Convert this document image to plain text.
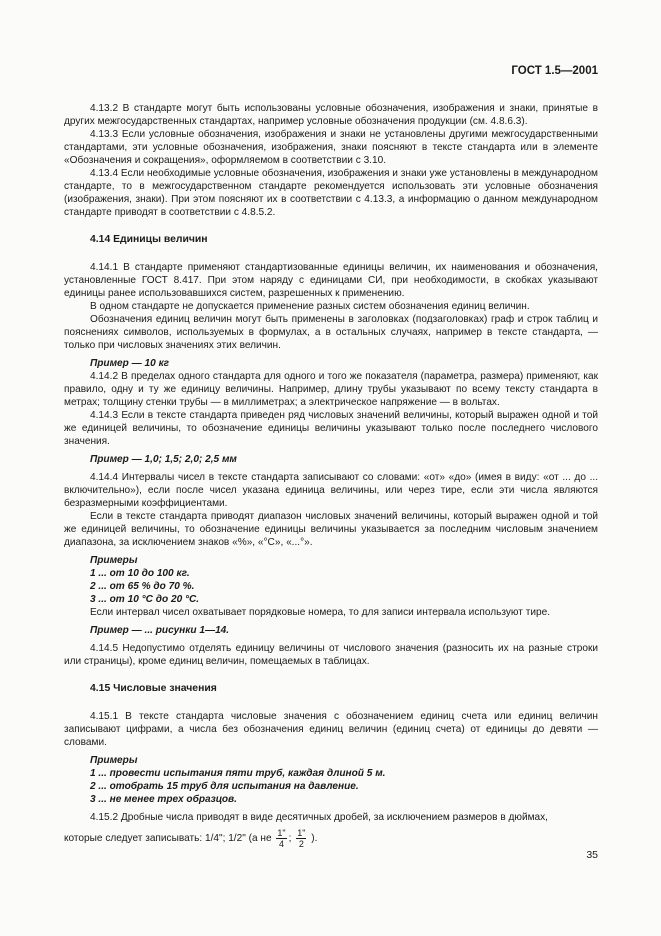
ГОСТ 1.5—2001

4.13.2 В стандарте могут быть использованы условные обозначения, изображения и знаки, принятые в других межгосударственных стандартах, например условные обозначения продукции (см. 4.8.6.3).

4.13.3 Если условные обозначения, изображения и знаки не установлены другими межгосударственными стандартами, эти условные обозначения, изображения, знаки поясняют в тексте стандарта или в элементе «Обозначения и сокращения», оформляемом в соответствии с 3.10.

4.13.4 Если необходимые условные обозначения, изображения и знаки уже установлены в международном стандарте, то в межгосударственном стандарте рекомендуется использовать эти условные обозначения (изображения, знаки). При этом поясняют их в соответствии с 4.13.3, а информацию о данном международном стандарте приводят в соответствии с 4.8.5.2.

4.14 Единицы величин

4.14.1 В стандарте применяют стандартизованные единицы величин, их наименования и обозначения, установленные ГОСТ 8.417. При этом наряду с единицами СИ, при необходимости, в скобках указывают единицы ранее использовавшихся систем, разрешенных к применению.

В одном стандарте не допускается применение разных систем обозначения единиц величин.

Обозначения единиц величин могут быть применены в заголовках (подзаголовках) граф и строк таблиц и пояснениях символов, используемых в формулах, а в остальных случаях, например в тексте стандарта, — только при числовых значениях этих величин.

Пример — 10 кг

4.14.2 В пределах одного стандарта для одного и того же показателя (параметра, размера) применяют, как правило, одну и ту же единицу величины. Например, длину трубы указывают по всему тексту стандарта в метрах; толщину стенки трубы — в миллиметрах; а электрическое напряжение — в вольтах.

4.14.3 Если в тексте стандарта приведен ряд числовых значений величины, который выражен одной и той же единицей величины, то обозначение единицы величины указывают только после последнего числового значения.

Пример — 1,0; 1,5; 2,0; 2,5 мм

4.14.4 Интервалы чисел в тексте стандарта записывают со словами: «от» «до» (имея в виду: «от ... до ... включительно»), если после чисел указана единица величины, или через тире, если эти числа являются безразмерными коэффициентами.

Если в тексте стандарта приводят диапазон числовых значений величины, который выражен одной и той же единицей величины, то обозначение единицы величины указывается за последним числовым значением диапазона, за исключением знаков «%», «°С», «...°».

Примеры
1 ... от 10 до 100 кг.
2 ... от 65 % до 70 %.
3 ... от 10 °С до 20 °С.

Если интервал чисел охватывает порядковые номера, то для записи интервала используют тире.

Пример — ... рисунки 1—14.

4.14.5 Недопустимо отделять единицу величины от числового значения (разносить их на разные строки или страницы), кроме единиц величин, помещаемых в таблицах.

4.15 Числовые значения

4.15.1 В тексте стандарта числовые значения с обозначением единиц счета или единиц величин записывают цифрами, а числа без обозначения единиц величин (единиц счета) от единицы до девяти — словами.

Примеры
1 ... провести испытания пяти труб, каждая длиной 5 м.
2 ... отобрать 15 труб для испытания на давление.
3 ... не менее трех образцов.

4.15.2 Дробные числа приводят в виде десятичных дробей, за исключением размеров в дюймах,

которые следует записывать: 1/4"; 1/2" (а не
$\frac{1"}{4}$ ;
$\frac{1"}{2}$
).
35
